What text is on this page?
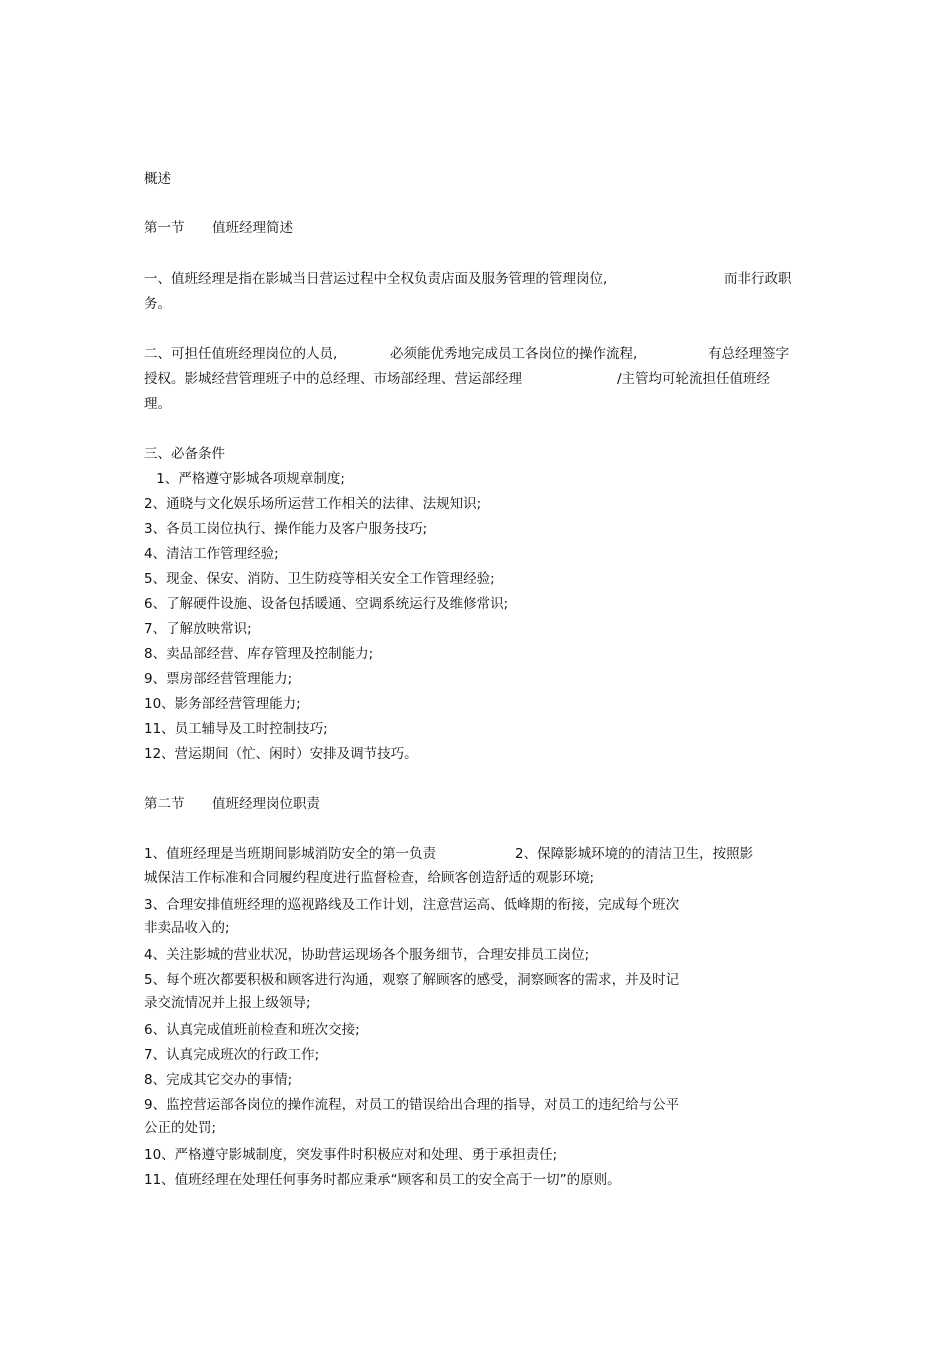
概述
第一节 值班经理简述
一、值班经理是指在影城当日营运过程中全权负责店面及服务管理的管理岗位,	而非行政职
务。
二、可担任值班经理岗位的人员,	必须能优秀地完成员工各岗位的操作流程,	有总经理签字
授权。影城经营管理班子中的总经理、市场部经理、营运部经理	/主管均可轮流担任值班经
理。
三、必备条件
1、严格遵守影城各项规章制度;
2、通晓与文化娱乐场所运营工作相关的法律、法规知识;
3、各员工岗位执行、操作能力及客户服务技巧;
4、清洁工作管理经验;
5、现金、保安、消防、卫生防疫等相关安全工作管理经验;
6、了解硬件设施、设备包括暖通、空调系统运行及维修常识;
7、了解放映常识;
8、卖品部经营、库存管理及控制能力;
9、票房部经营管理能力;
10、影务部经营管理能力;
11、员工辅导及工时控制技巧;
12、营运期间（忙、闲时）安排及调节技巧。
第二节 值班经理岗位职责
1、值班经理是当班期间影城消防安全的第一负责	2、保障影城环境的的清洁卫生，按照影
城保洁工作标准和合同履约程度进行监督检查，给顾客创造舒适的观影环境;
3、合理安排值班经理的巡视路线及工作计划，注意营运高、低峰期的衔接，完成每个班次
非卖品收入的;
4、关注影城的营业状况，协助营运现场各个服务细节，合理安排员工岗位;
5、每个班次都要积极和顾客进行沟通，观察了解顾客的感受，洞察顾客的需求，并及时记
录交流情况并上报上级领导;
6、认真完成值班前检查和班次交接;
7、认真完成班次的行政工作;
8、完成其它交办的事情;
9、监控营运部各岗位的操作流程，对员工的错误给出合理的指导，对员工的违纪给与公平
公正的处罚;
10、严格遵守影城制度，突发事件时积极应对和处理、勇于承担责任;
11、值班经理在处理任何事务时都应秉承“顾客和员工的安全高于一切”的原则。
